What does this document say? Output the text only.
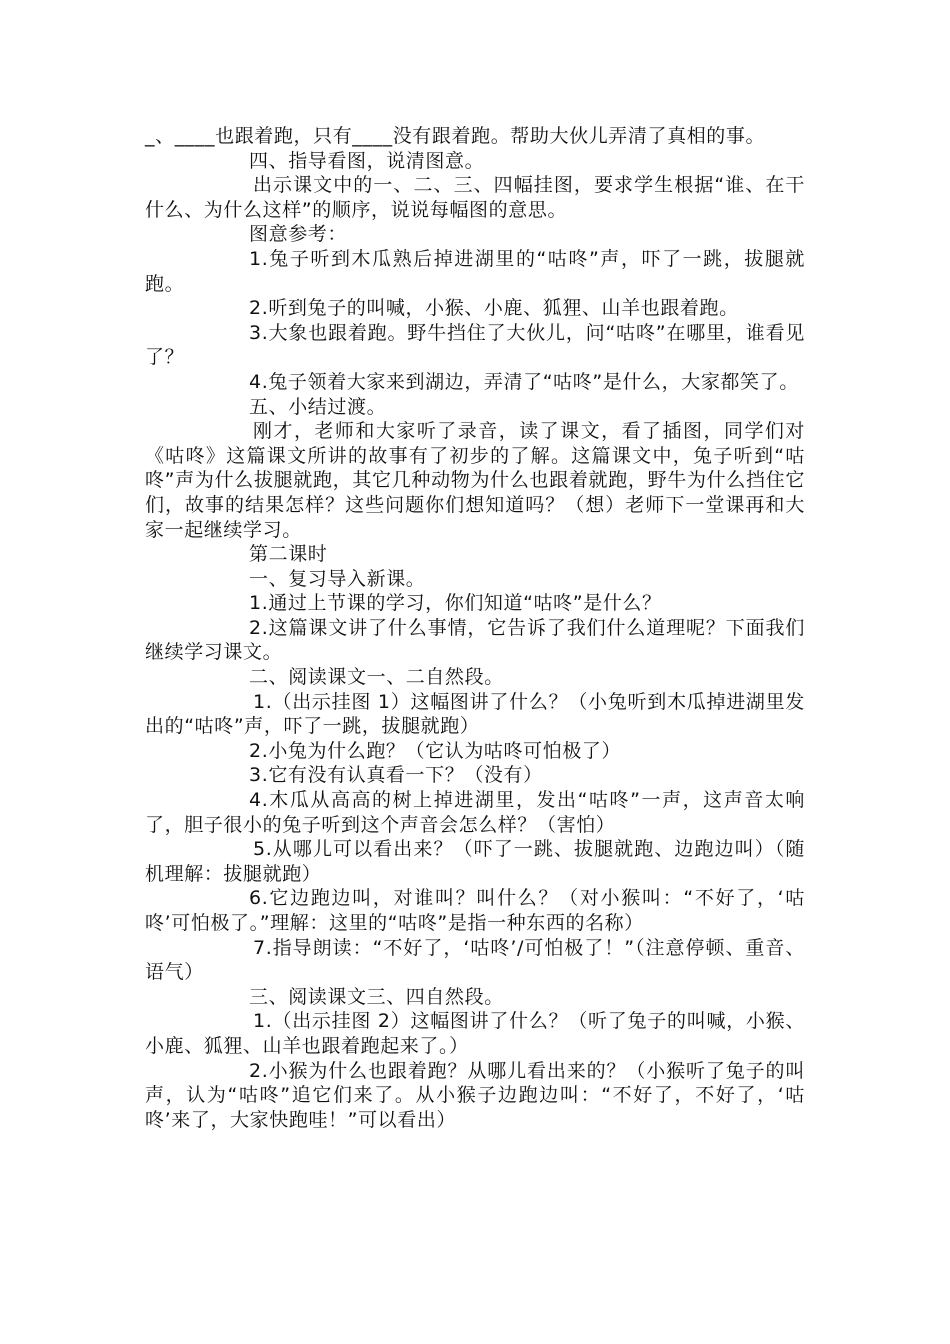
_、____也跟着跑，只有____没有跟着跑。帮助大伙儿弄清了真相的事。

四、指导看图，说清图意。

出示课文中的一、二、三、四幅挂图，要求学生根据“谁、在干什么、为什么这样”的顺序，说说每幅图的意思。

图意参考：

1.兔子听到木瓜熟后掉进湖里的“咕咚”声，吓了一跳，拔腿就跑。

2.听到兔子的叫喊，小猴、小鹿、狐狸、山羊也跟着跑。

3.大象也跟着跑。野牛挡住了大伙儿，问“咕咚”在哪里，谁看见了？

4.兔子领着大家来到湖边，弄清了“咕咚”是什么，大家都笑了。

五、小结过渡。

刚才，老师和大家听了录音，读了课文，看了插图，同学们对《咕咚》这篇课文所讲的故事有了初步的了解。这篇课文中，兔子听到“咕咚”声为什么拔腿就跑，其它几种动物为什么也跟着就跑，野牛为什么挡住它们，故事的结果怎样？这些问题你们想知道吗？（想）老师下一堂课再和大家一起继续学习。

第二课时

一、复习导入新课。

1.通过上节课的学习，你们知道“咕咚”是什么？

2.这篇课文讲了什么事情，它告诉了我们什么道理呢？下面我们继续学习课文。

二、阅读课文一、二自然段。

1.（出示挂图 1）这幅图讲了什么？（小兔听到木瓜掉进湖里发出的“咕咚”声，吓了一跳，拔腿就跑）

2.小兔为什么跑？（它认为咕咚可怕极了）

3.它有没有认真看一下？（没有）

4.木瓜从高高的树上掉进湖里，发出“咕咚”一声，这声音太响了，胆子很小的兔子听到这个声音会怎么样？（害怕）

5.从哪儿可以看出来？（吓了一跳、拔腿就跑、边跑边叫）（随机理解：拔腿就跑）

6.它边跑边叫，对谁叫？叫什么？（对小猴叫：“不好了，‘咕咚’可怕极了。”理解：这里的“咕咚”是指一种东西的名称）

7.指导朗读：“不好了，‘咕咚’/可怕极了！”（注意停顿、重音、语气）

三、阅读课文三、四自然段。

1.（出示挂图 2）这幅图讲了什么？（听了兔子的叫喊，小猴、小鹿、狐狸、山羊也跟着跑起来了。）

2.小猴为什么也跟着跑？从哪儿看出来的？（小猴听了兔子的叫声，认为“咕咚”追它们来了。从小猴子边跑边叫：“不好了，不好了，‘咕咚’来了，大家快跑哇！”可以看出）
